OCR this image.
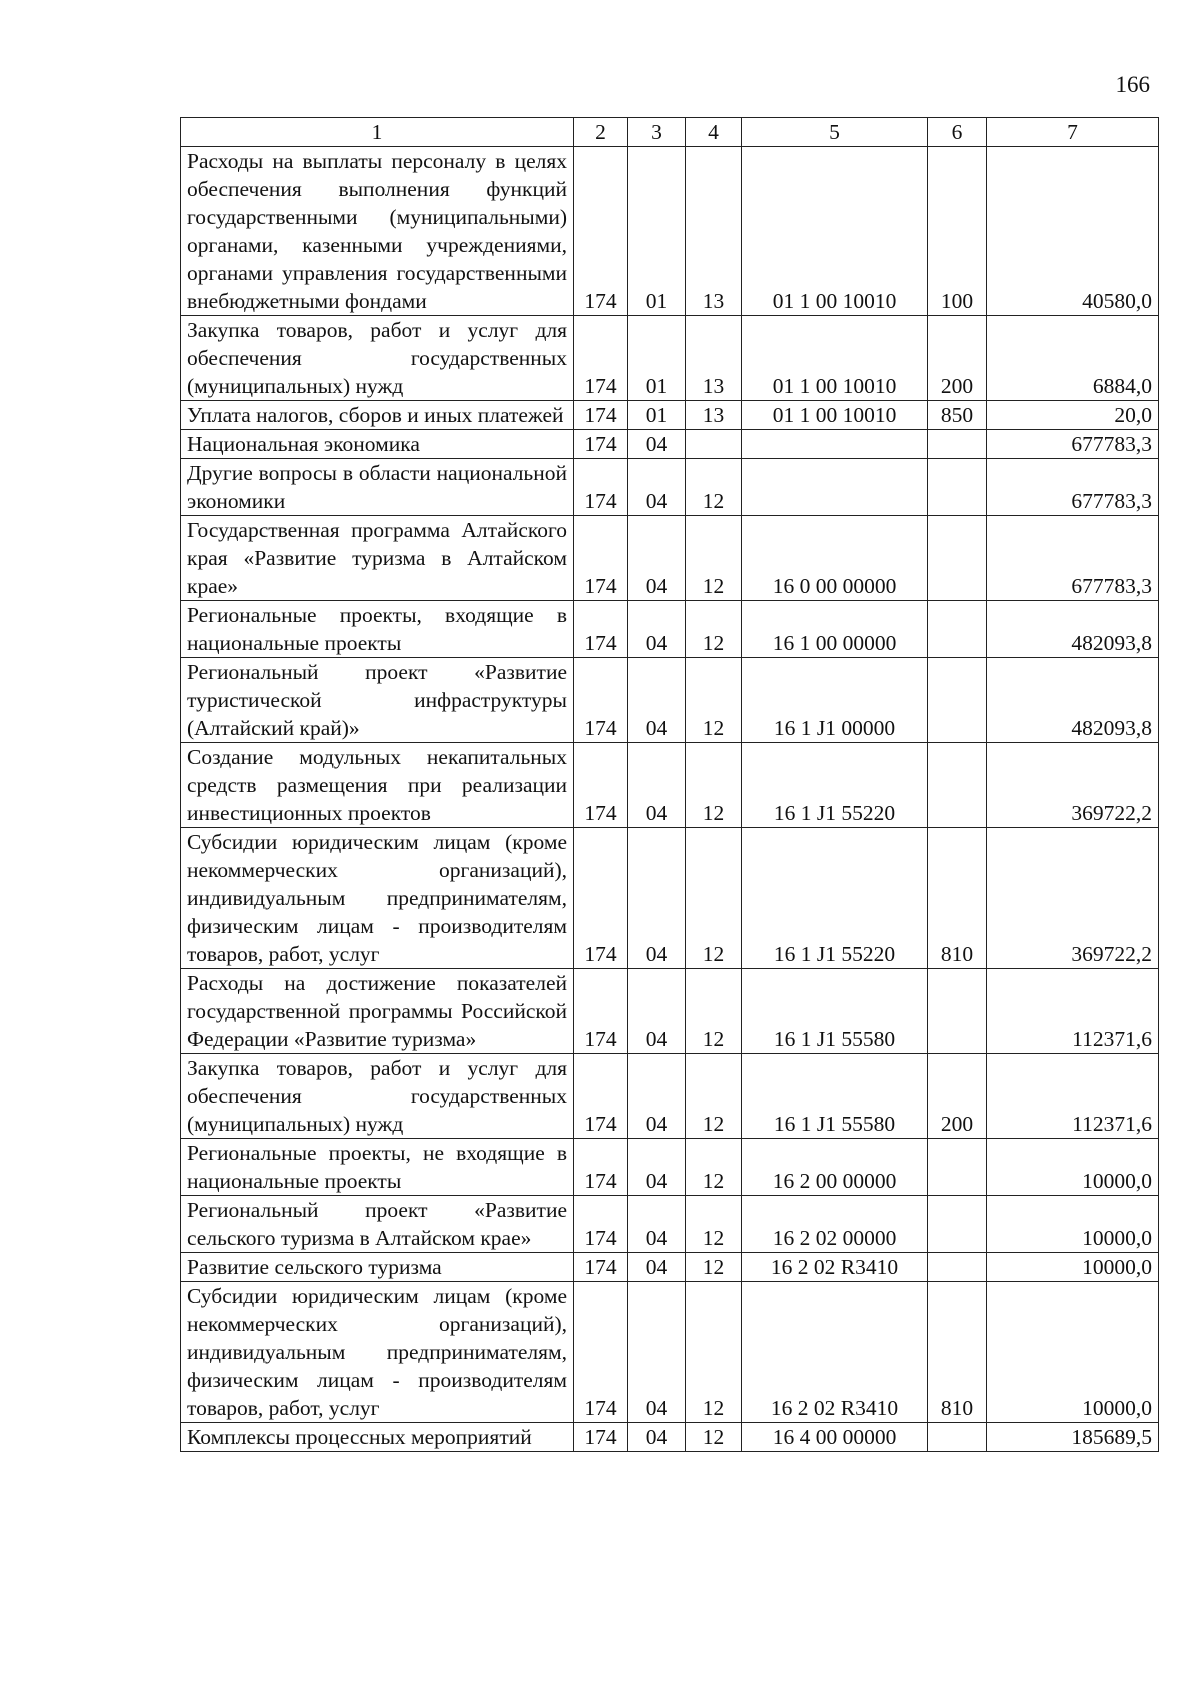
166
1	2	3	4	5	6	7
Расходы на выплаты персоналу в целях обеспечения выполнения функций государственными (муниципальными) органами, казенными учреждениями, органами управления государственными внебюджетными фондами	174	01	13	01 1 00 10010	100	40580,0
Закупка товаров, работ и услуг для обеспечения государственных (муниципальных) нужд	174	01	13	01 1 00 10010	200	6884,0
Уплата налогов, сборов и иных платежей	174	01	13	01 1 00 10010	850	20,0
Национальная экономика	174	04				677783,3
Другие вопросы в области национальной экономики	174	04	12			677783,3
Государственная программа Алтайского края «Развитие туризма в Алтайском крае»	174	04	12	16 0 00 00000		677783,3
Региональные проекты, входящие в национальные проекты	174	04	12	16 1 00 00000		482093,8
Региональный проект «Развитие туристической инфраструктуры (Алтайский край)»	174	04	12	16 1 J1 00000		482093,8
Создание модульных некапитальных средств размещения при реализации инвестиционных проектов	174	04	12	16 1 J1 55220		369722,2
Субсидии юридическим лицам (кроме некоммерческих организаций), индивидуальным предпринимателям, физическим лицам - производителям товаров, работ, услуг	174	04	12	16 1 J1 55220	810	369722,2
Расходы на достижение показателей государственной программы Российской Федерации «Развитие туризма»	174	04	12	16 1 J1 55580		112371,6
Закупка товаров, работ и услуг для обеспечения государственных (муниципальных) нужд	174	04	12	16 1 J1 55580	200	112371,6
Региональные проекты, не входящие в национальные проекты	174	04	12	16 2 00 00000		10000,0
Региональный проект «Развитие сельского туризма в Алтайском крае»	174	04	12	16 2 02 00000		10000,0
Развитие сельского туризма	174	04	12	16 2 02 R3410		10000,0
Субсидии юридическим лицам (кроме некоммерческих организаций), индивидуальным предпринимателям, физическим лицам - производителям товаров, работ, услуг	174	04	12	16 2 02 R3410	810	10000,0
Комплексы процессных мероприятий	174	04	12	16 4 00 00000		185689,5
